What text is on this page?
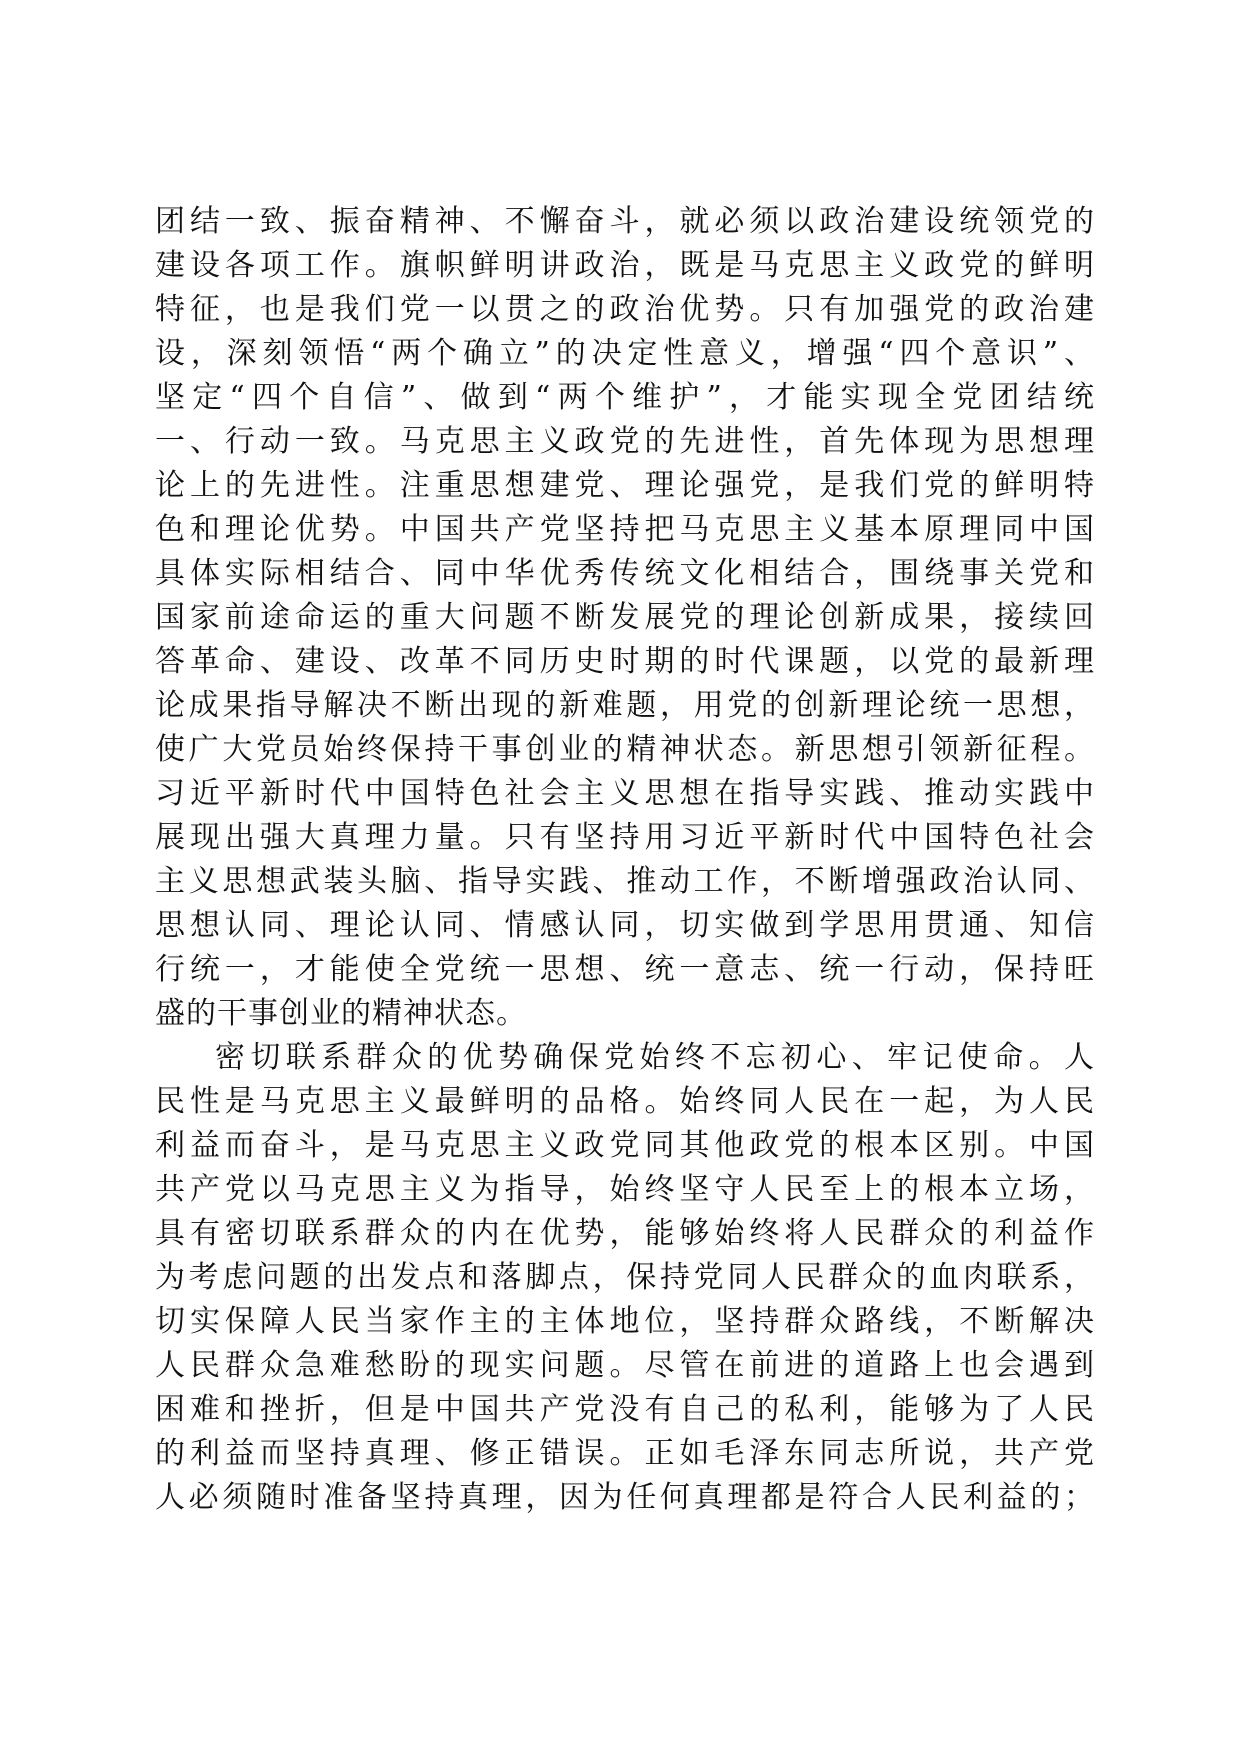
团结一致、振奋精神、不懈奋斗，就必须以政治建设统领党的
建设各项工作。旗帜鲜明讲政治，既是马克思主义政党的鲜明
特征，也是我们党一以贯之的政治优势。只有加强党的政治建
设，深刻领悟“两个确立”的决定性意义，增强“四个意识”、
坚定“四个自信”、做到“两个维护”，才能实现全党团结统
一、行动一致。马克思主义政党的先进性，首先体现为思想理
论上的先进性。注重思想建党、理论强党，是我们党的鲜明特
色和理论优势。中国共产党坚持把马克思主义基本原理同中国
具体实际相结合、同中华优秀传统文化相结合，围绕事关党和
国家前途命运的重大问题不断发展党的理论创新成果，接续回
答革命、建设、改革不同历史时期的时代课题，以党的最新理
论成果指导解决不断出现的新难题，用党的创新理论统一思想，
使广大党员始终保持干事创业的精神状态。新思想引领新征程。
习近平新时代中国特色社会主义思想在指导实践、推动实践中
展现出强大真理力量。只有坚持用习近平新时代中国特色社会
主义思想武装头脑、指导实践、推动工作，不断增强政治认同、
思想认同、理论认同、情感认同，切实做到学思用贯通、知信
行统一，才能使全党统一思想、统一意志、统一行动，保持旺
盛的干事创业的精神状态。
密切联系群众的优势确保党始终不忘初心、牢记使命。人
民性是马克思主义最鲜明的品格。始终同人民在一起，为人民
利益而奋斗，是马克思主义政党同其他政党的根本区别。中国
共产党以马克思主义为指导，始终坚守人民至上的根本立场，
具有密切联系群众的内在优势，能够始终将人民群众的利益作
为考虑问题的出发点和落脚点，保持党同人民群众的血肉联系，
切实保障人民当家作主的主体地位，坚持群众路线，不断解决
人民群众急难愁盼的现实问题。尽管在前进的道路上也会遇到
困难和挫折，但是中国共产党没有自己的私利，能够为了人民
的利益而坚持真理、修正错误。正如毛泽东同志所说，共产党
人必须随时准备坚持真理，因为任何真理都是符合人民利益的；
